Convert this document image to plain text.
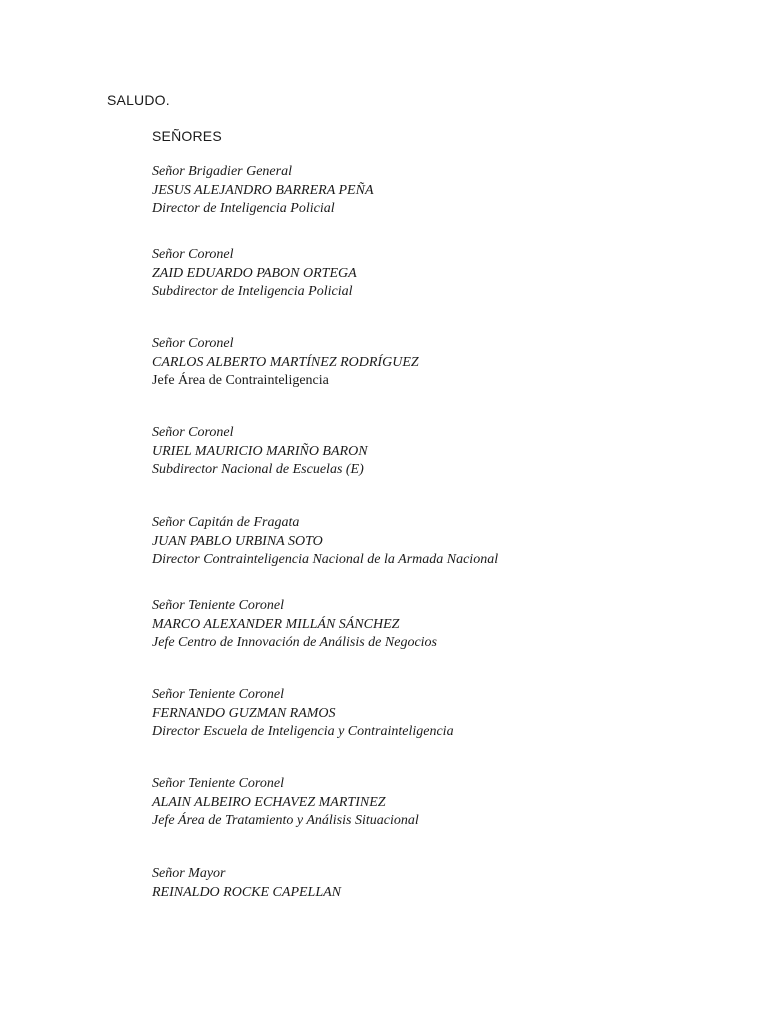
SALUDO.
SEÑORES
Señor Brigadier General
JESUS ALEJANDRO BARRERA PEÑA
Director de Inteligencia Policial
Señor Coronel
ZAID EDUARDO PABON ORTEGA
Subdirector de Inteligencia Policial
Señor Coronel
CARLOS ALBERTO MARTÍNEZ RODRÍGUEZ
Jefe Área de Contrainteligencia
Señor Coronel
URIEL MAURICIO MARIÑO BARON
Subdirector Nacional de Escuelas (E)
Señor Capitán de Fragata
JUAN PABLO URBINA SOTO
Director Contrainteligencia Nacional de la Armada Nacional
Señor Teniente Coronel
MARCO ALEXANDER MILLÁN SÁNCHEZ
Jefe Centro de Innovación de Análisis de Negocios
Señor Teniente Coronel
FERNANDO GUZMAN RAMOS
Director Escuela de Inteligencia y Contrainteligencia
Señor Teniente Coronel
ALAIN ALBEIRO ECHAVEZ MARTINEZ
Jefe Área de Tratamiento y Análisis Situacional
Señor Mayor
REINALDO ROCKE CAPELLAN
